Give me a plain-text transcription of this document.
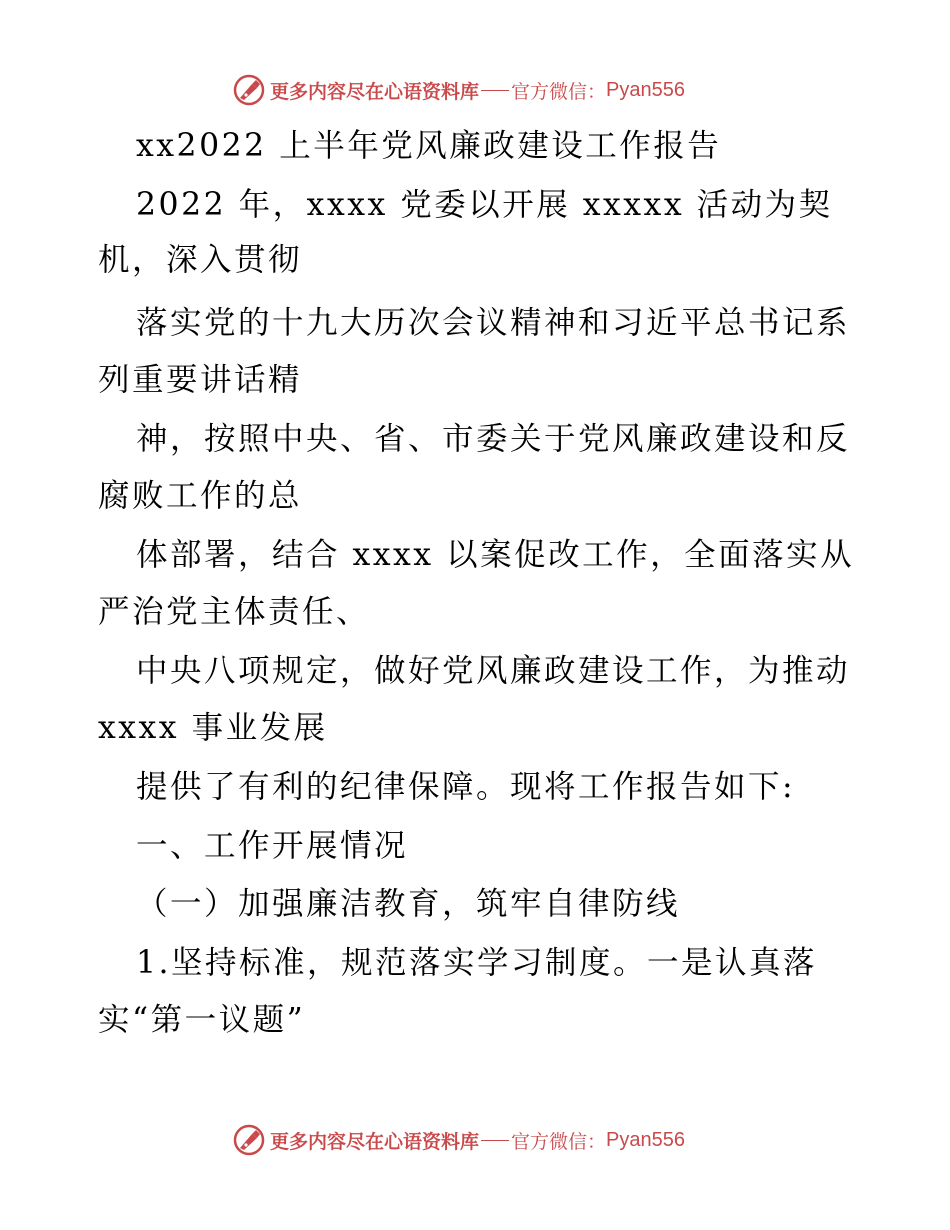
更多内容尽在心语资料库 官方微信： Pyan556
xx2022 上半年党风廉政建设工作报告
2022 年，xxxx 党委以开展 xxxxx 活动为契
机，深入贯彻
落实党的十九大历次会议精神和习近平总书记系
列重要讲话精
神，按照中央、省、市委关于党风廉政建设和反
腐败工作的总
体部署，结合 xxxx 以案促改工作，全面落实从
严治党主体责任、
中央八项规定，做好党风廉政建设工作，为推动
xxxx 事业发展
提供了有利的纪律保障。现将工作报告如下:
一、工作开展情况
（一）加强廉洁教育，筑牢自律防线
1.坚持标准，规范落实学习制度。一是认真落
实“第一议题”
更多内容尽在心语资料库 官方微信： Pyan556
